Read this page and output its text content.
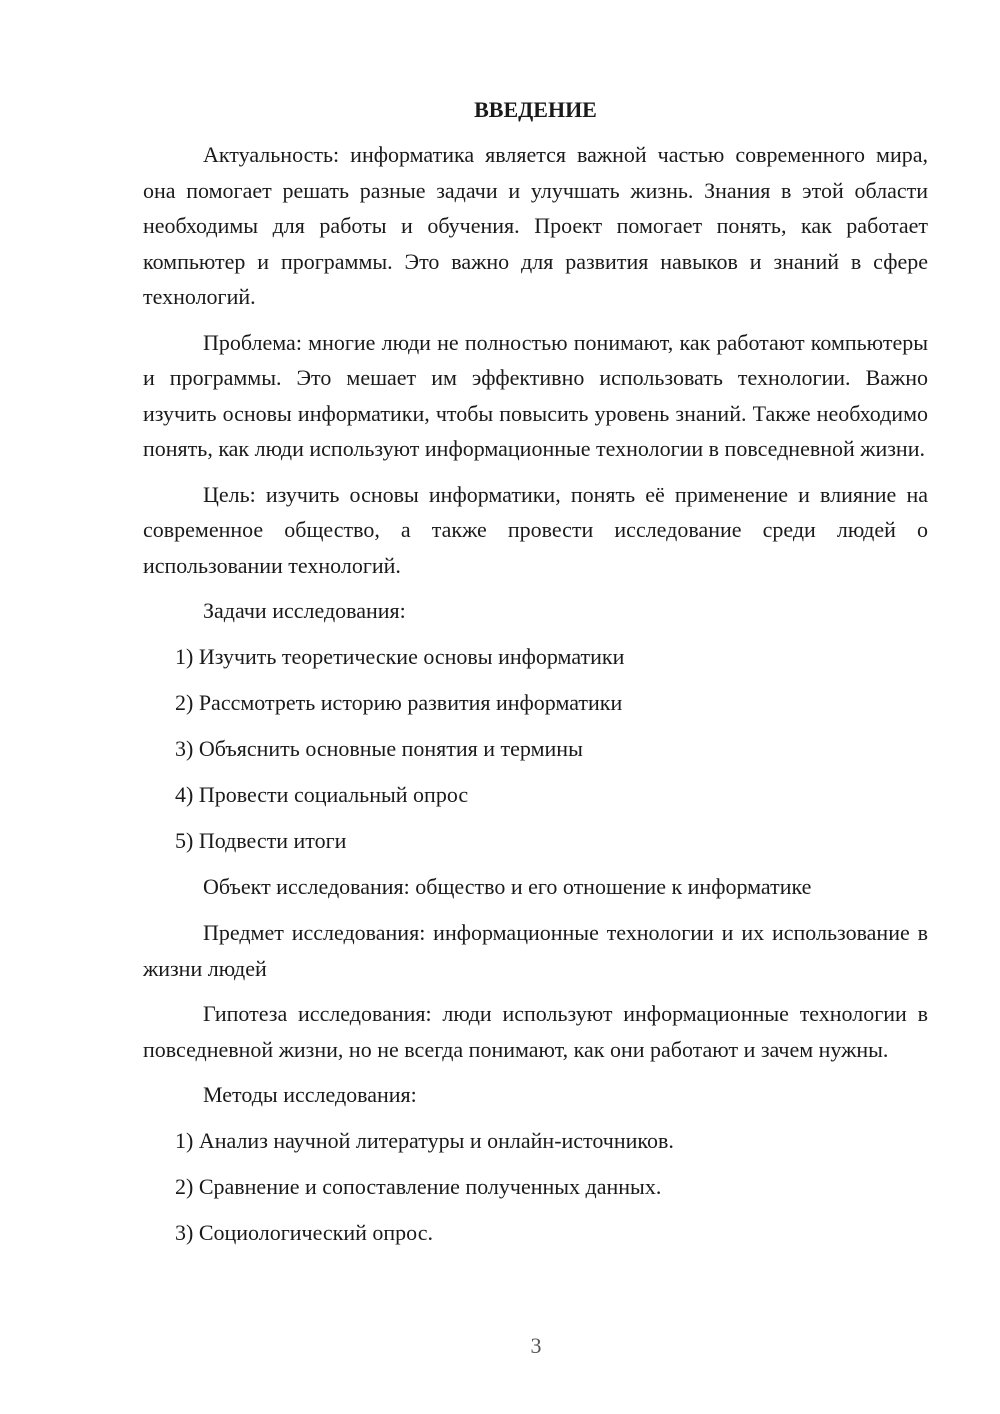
ВВЕДЕНИЕ

Актуальность: информатика является важной частью современного мира, она помогает решать разные задачи и улучшать жизнь. Знания в этой области необходимы для работы и обучения. Проект помогает понять, как работает компьютер и программы. Это важно для развития навыков и знаний в сфере технологий.

Проблема: многие люди не полностью понимают, как работают компьютеры и программы. Это мешает им эффективно использовать технологии. Важно изучить основы информатики, чтобы повысить уровень знаний. Также необходимо понять, как люди используют информационные технологии в повседневной жизни.

Цель: изучить основы информатики, понять её применение и влияние на современное общество, а также провести исследование среди людей о использовании технологий.

Задачи исследования:

1) Изучить теоретические основы информатики
2) Рассмотреть историю развития информатики
3) Объяснить основные понятия и термины
4) Провести социальный опрос
5) Подвести итоги

Объект исследования: общество и его отношение к информатике

Предмет исследования: информационные технологии и их использование в жизни людей

Гипотеза исследования: люди используют информационные технологии в повседневной жизни, но не всегда понимают, как они работают и зачем нужны.

Методы исследования:

1) Анализ научной литературы и онлайн-источников.
2) Сравнение и сопоставление полученных данных.
3) Социологический опрос.
3
